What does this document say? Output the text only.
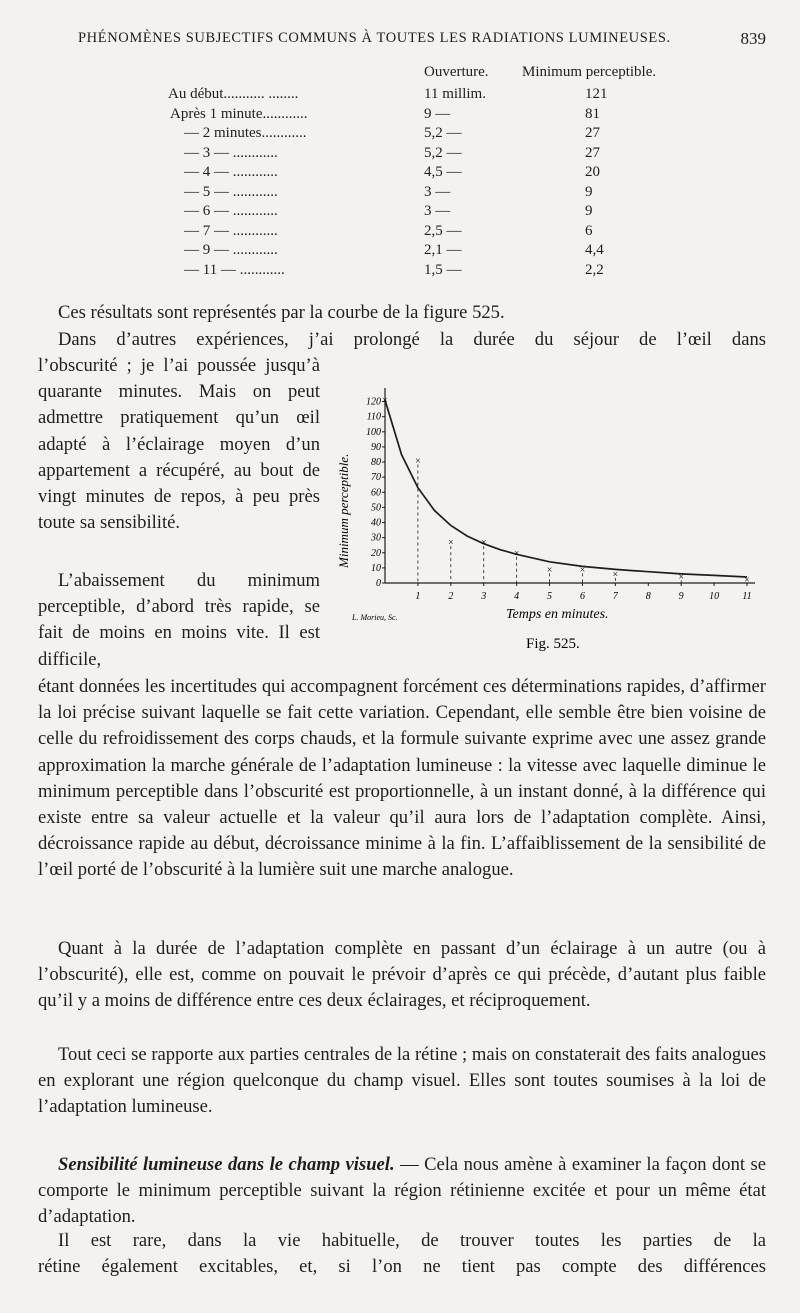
PHÉNOMÈNES SUBJECTIFS COMMUNS À TOUTES LES RADIATIONS LUMINEUSES.	839
Ouverture. Minimum perceptible.
Au début........... ........	11 millim.	121
Après 1 minute............	9 —	81
— 2 minutes............	5,2 —	27
— 3 — ............	5,2 —	27
— 4 — ............	4,5 —	20
— 5 — ............	3 —	9
— 6 — ............	3 —	9
— 7 — ............	2,5 —	6
— 9 — ............	2,1 —	4,4
— 11 — ............	1,5 —	2,2

Ces résultats sont représentés par la courbe de la figure 525.

Dans d’autres expériences, j’ai prolongé la durée du séjour de l’œil dans

l’obscurité ; je l’ai poussée jusqu’à quarante minutes. Mais on peut admettre pratiquement qu’un œil adapté à l’éclairage moyen d’un appartement a récupéré, au bout de vingt minutes de repos, à peu près toute sa sensibilité.

L’abaissement du minimum perceptible, d’abord très rapide, se fait de moins en moins vite. Il est difficile,

×
×
×	×
×
×	×	×	×	×
0
10
20
30
40
50
60
70
80
90
100
110
120
1	2	3	4	5	6	7	8	9	10 11
Minimum perceptible.
Temps en minutes.
L. Morieu, Sc.
Fig. 525.

étant données les incertitudes qui accompagnent forcément ces déterminations rapides, d’affirmer la loi précise suivant laquelle se fait cette variation. Cependant, elle semble être bien voisine de celle du refroidissement des corps chauds, et la formule suivante exprime avec une assez grande approximation la marche générale de l’adaptation lumineuse : la vitesse avec laquelle diminue le minimum perceptible dans l’obscurité est proportionnelle, à un instant donné, à la différence qui existe entre sa valeur actuelle et la valeur qu’il aura lors de l’adaptation complète. Ainsi, décroissance rapide au début, décroissance minime à la fin. L’affaiblissement de la sensibilité de l’œil porté de l’obscurité à la lumière suit une marche analogue.

Quant à la durée de l’adaptation complète en passant d’un éclairage à un autre (ou à l’obscurité), elle est, comme on pouvait le prévoir d’après ce qui précède, d’autant plus faible qu’il y a moins de différence entre ces deux éclairages, et réciproquement.

Tout ceci se rapporte aux parties centrales de la rétine ; mais on constaterait des faits analogues en explorant une région quelconque du champ visuel. Elles sont toutes soumises à la loi de l’adaptation lumineuse.

Sensibilité lumineuse dans le champ visuel. — Cela nous amène à examiner la façon dont se comporte le minimum perceptible suivant la région rétinienne excitée et pour un même état d’adaptation.

Il est rare, dans la vie habituelle, de trouver toutes les parties de la

rétine également excitables, et, si l’on ne tient pas compte des différences
